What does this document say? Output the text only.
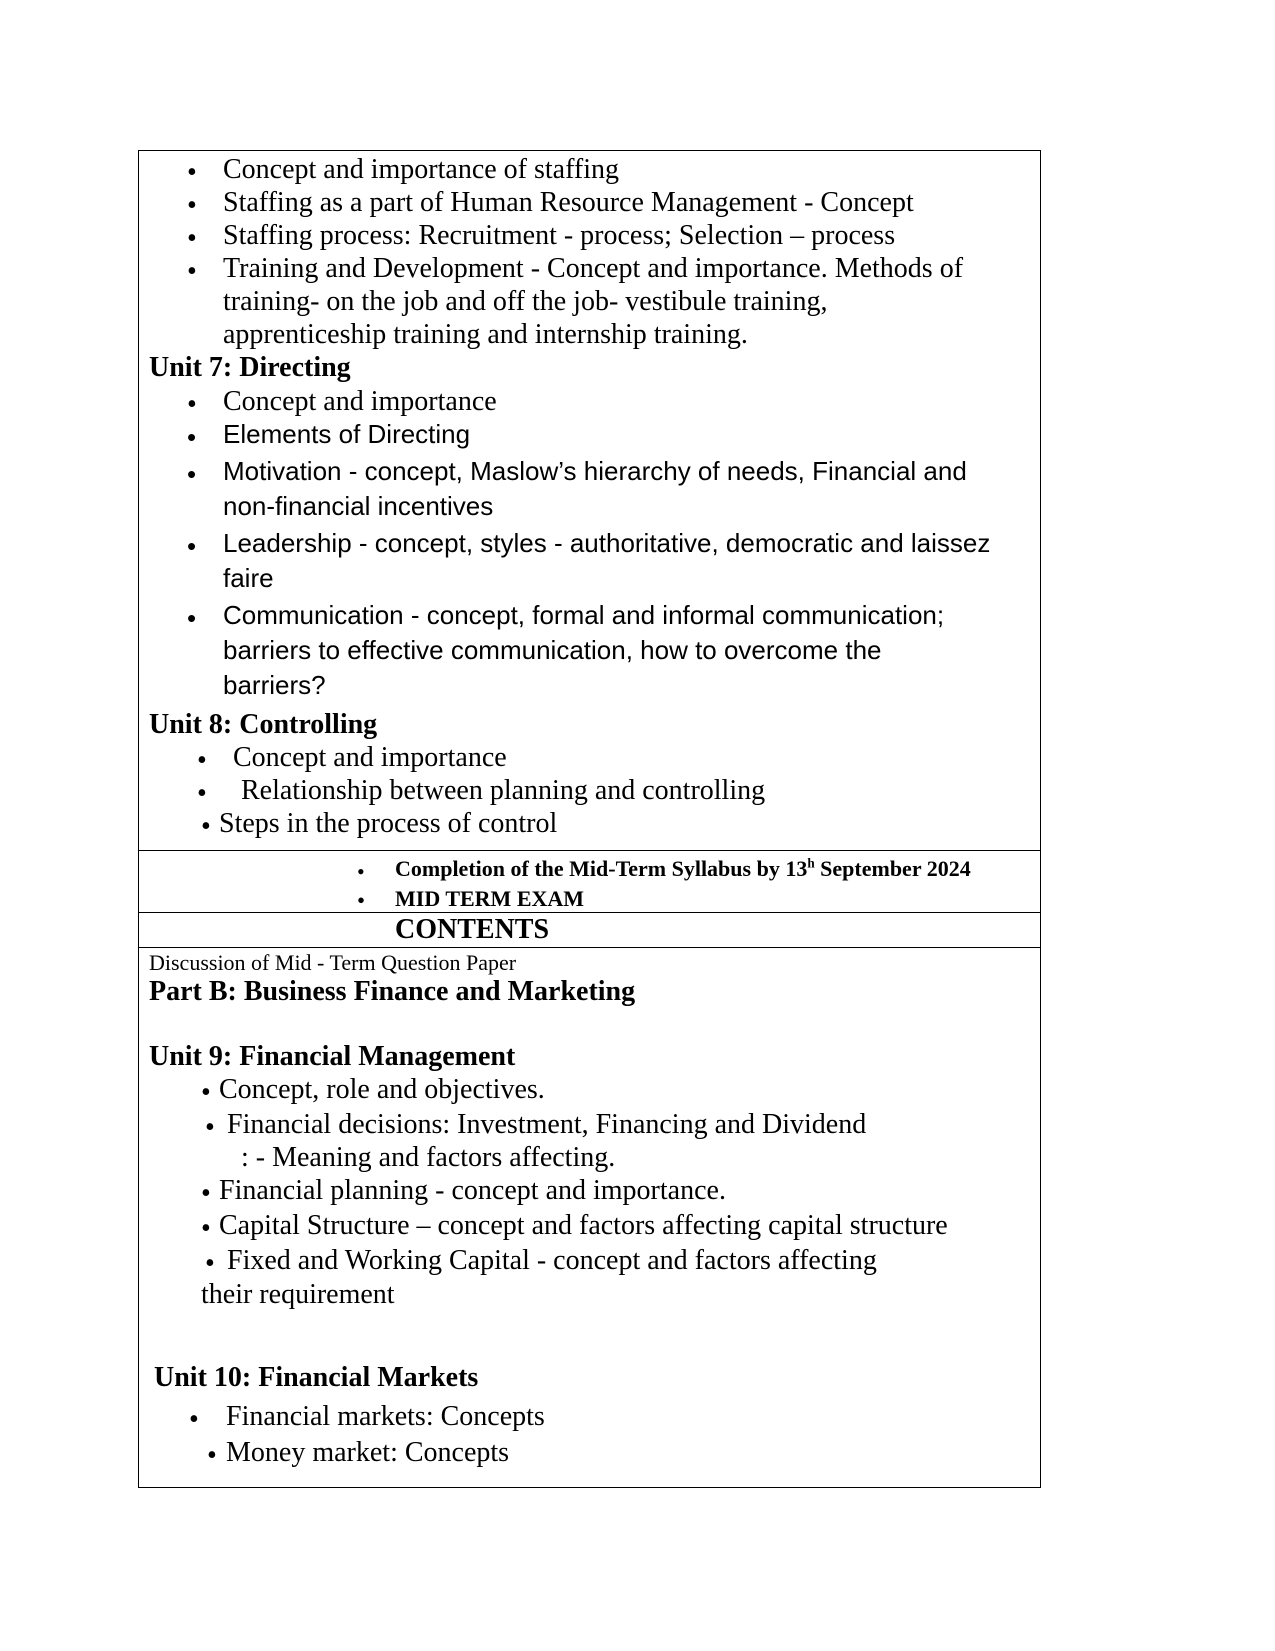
• Concept and importance of staffing
• Staffing as a part of Human Resource Management - Concept
• Staffing process: Recruitment - process; Selection – process
• Training and Development - Concept and importance. Methods of
training- on the job and off the job- vestibule training,
apprenticeship training and internship training.
Unit 7: Directing
• Concept and importance
• Elements of Directing
• Motivation - concept, Maslow’s hierarchy of needs, Financial and
non-financial incentives
• Leadership - concept, styles - authoritative, democratic and laissez
faire
• Communication - concept, formal and informal communication;
barriers to effective communication, how to overcome the
barriers?
Unit 8: Controlling
• Concept and importance
• Relationship between planning and controlling
• Steps in the process of control
• Completion of the Mid-Term Syllabus by 13$^h$ September 2024
• MID TERM EXAM
CONTENTS
Discussion of Mid - Term Question Paper
Part B: Business Finance and Marketing
Unit 9: Financial Management
• Concept, role and objectives.
• Financial decisions: Investment, Financing and Dividend
: - Meaning and factors affecting.
• Financial planning - concept and importance.
• Capital Structure – concept and factors affecting capital structure
• Fixed and Working Capital - concept and factors affecting
their requirement
Unit 10: Financial Markets
• Financial markets: Concepts
• Money market: Concepts
